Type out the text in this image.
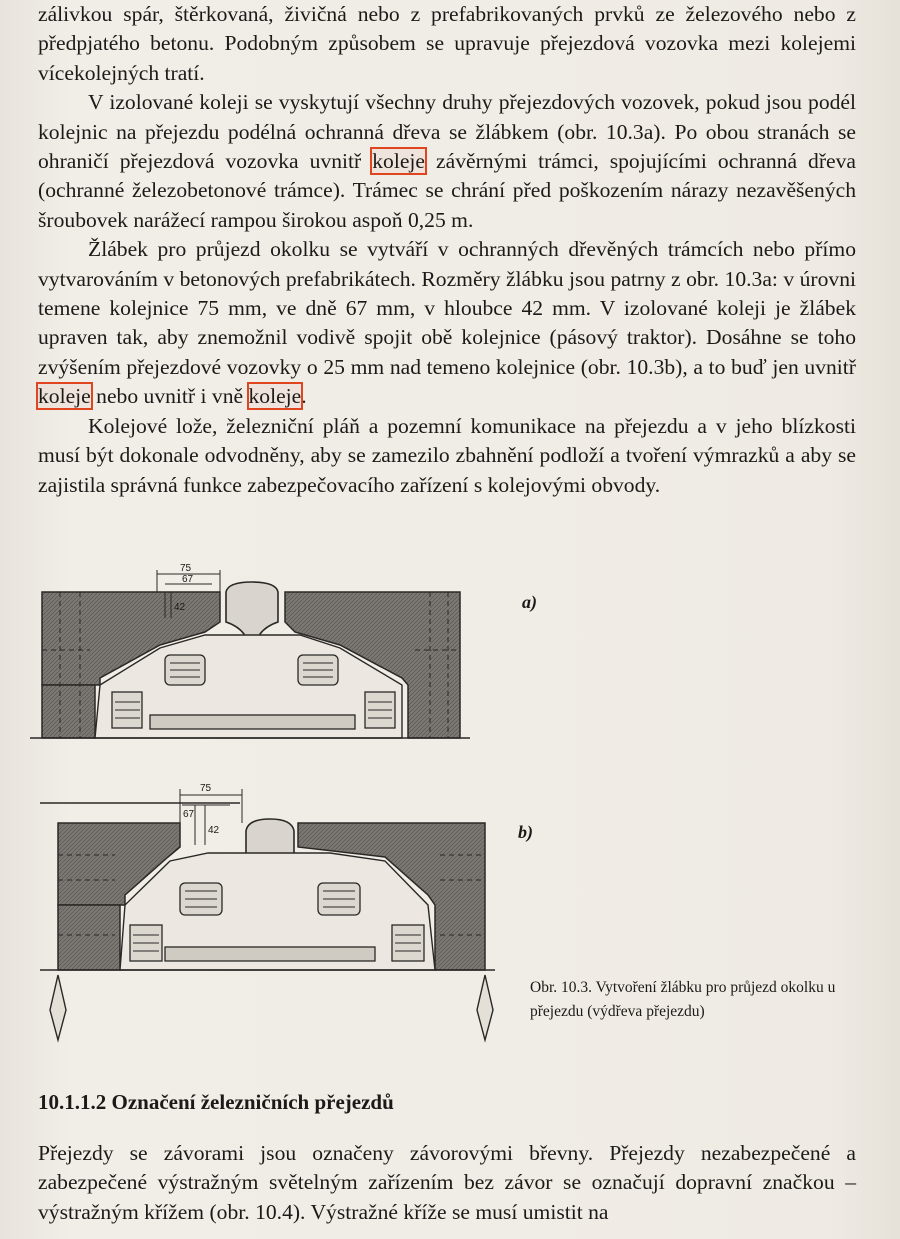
zálivkou spár, štěrkovaná, živičná nebo z prefabrikovaných prvků ze železového nebo z předpjatého betonu. Podobným způsobem se upravuje přejezdová vozovka mezi kolejemi vícekolejných tratí.

V izolované koleji se vyskytují všechny druhy přejezdových vozovek, pokud jsou podél kolejnic na přejezdu podélná ochranná dřeva se žlábkem (obr. 10.3a). Po obou stranách se ohraničí přejezdová vozovka uvnitř koleje závěrnými trámci, spojujícími ochranná dřeva (ochranné železobetonové trámce). Trámec se chrání před poškozením nárazy nezavěšených šroubovek narážecí rampou širokou aspoň 0,25 m.

Žlábek pro průjezd okolku se vytváří v ochranných dřevěných trámcích nebo přímo vytvarováním v betonových prefabrikátech. Rozměry žlábku jsou patrny z obr. 10.3a: v úrovni temene kolejnice 75 mm, ve dně 67 mm, v hloubce 42 mm. V izolované koleji je žlábek upraven tak, aby znemožnil vodivě spojit obě kolejnice (pásový traktor). Dosáhne se toho zvýšením přejezdové vozovky o 25 mm nad temeno kolejnice (obr. 10.3b), a to buď jen uvnitř koleje nebo uvnitř i vně koleje.

Kolejové lože, železniční pláň a pozemní komunikace na přejezdu a v jeho blízkosti musí být dokonale odvodněny, aby se zamezilo zbahnění podloží a tvoření výmrazků a aby se zajistila správná funkce zabezpečovacího zařízení s kolejovými obvody.

75
67
42	a)
75
67
42	b)
Obr. 10.3. Vytvoření žlábku pro průjezd okolku u přejezdu (výdřeva přejezdu)
10.1.1.2 Označení železničních přejezdů

Přejezdy se závorami jsou označeny závorovými břevny. Přejezdy nezabezpečené a zabezpečené výstražným světelným zařízením bez závor se označují dopravní značkou – výstražným křížem (obr. 10.4). Výstražné kříže se musí umistit na
